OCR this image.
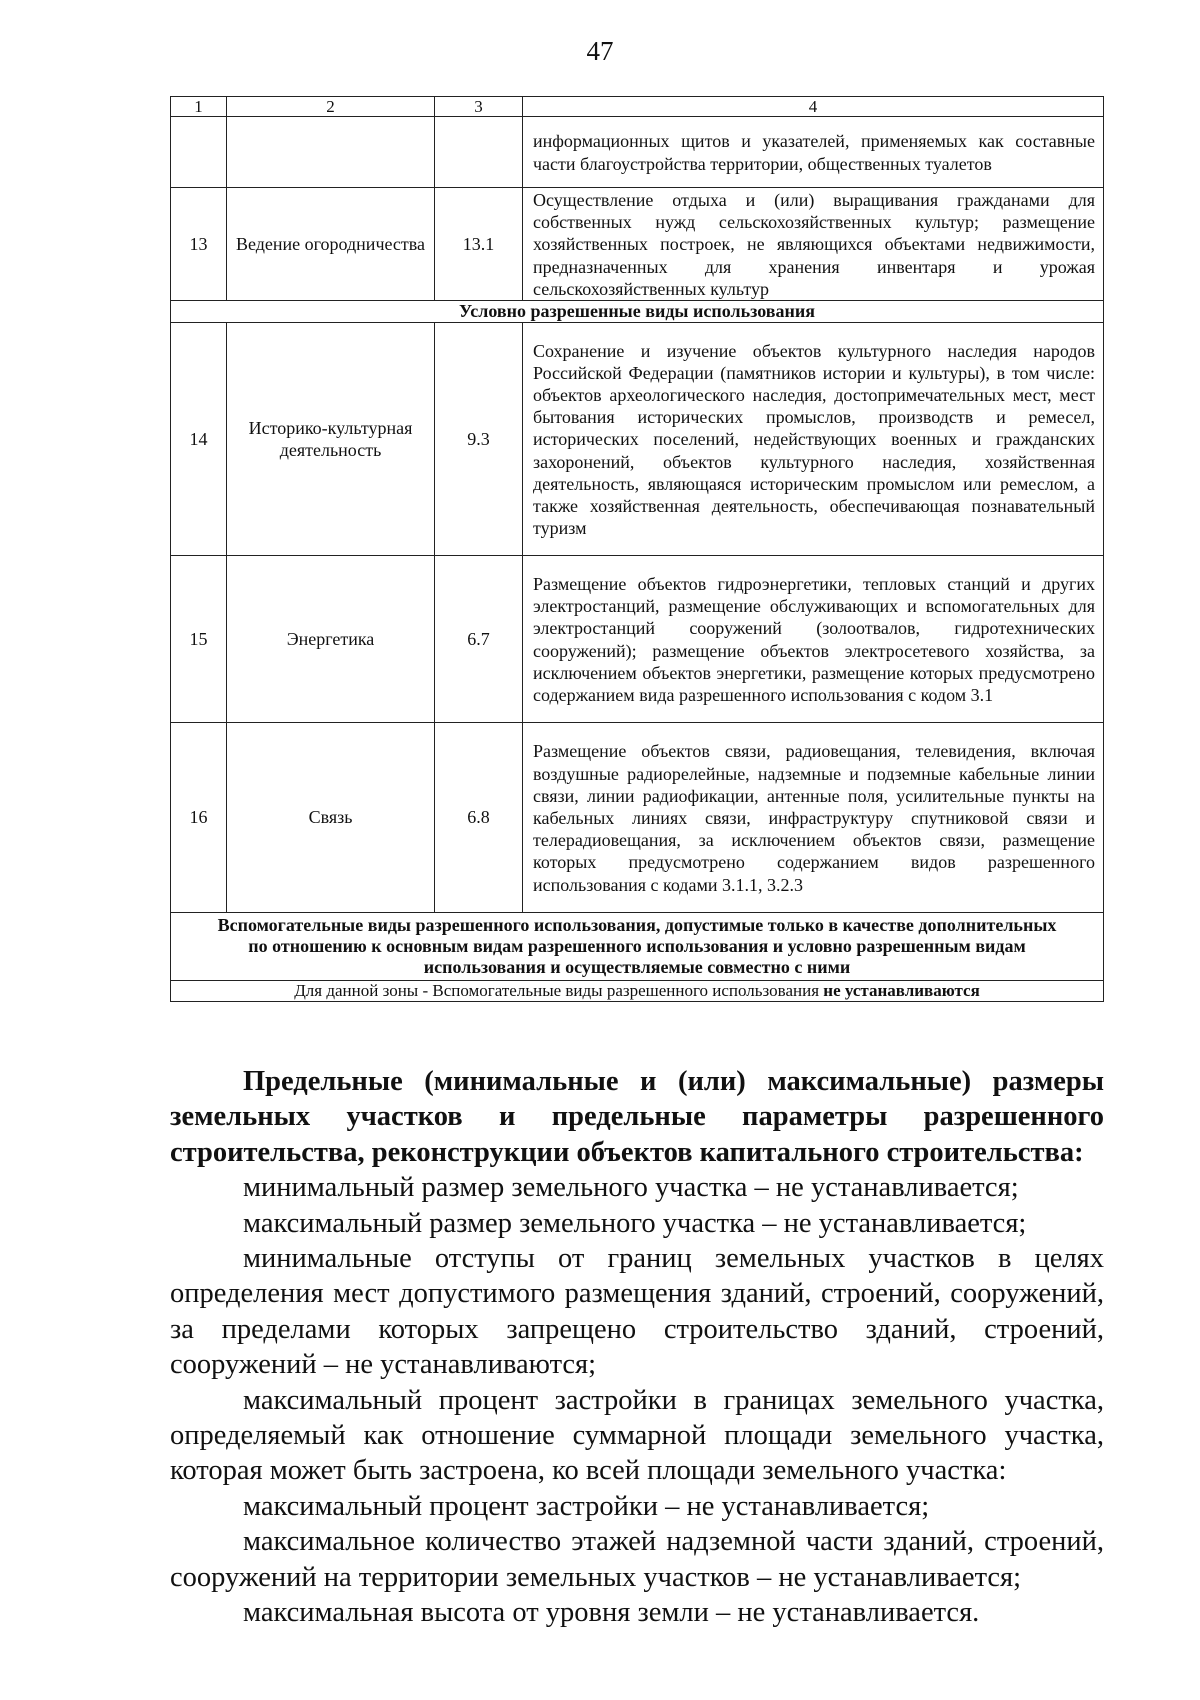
47
1	2	3	4
			информационных щитов и указателей, применяемых как составные части благоустройства территории, общественных туалетов
13	Ведение огородничества	13.1	Осуществление отдыха и (или) выращивания гражданами для собственных нужд сельскохозяйственных культур; размещение хозяйственных построек, не являющихся объектами недвижимости, предназначенных для хранения инвентаря и урожая сельскохозяйственных культур
Условно разрешенные виды использования			
14	Историко-культурная деятельность	9.3	Сохранение и изучение объектов культурного наследия народов Российской Федерации (памятников истории и культуры), в том числе: объектов археологического наследия, достопримечательных мест, мест бытования исторических промыслов, производств и ремесел, исторических поселений, недействующих военных и гражданских захоронений, объектов культурного наследия, хозяйственная деятельность, являющаяся историческим промыслом или ремеслом, а также хозяйственная деятельность, обеспечивающая познавательный туризм
15	Энергетика	6.7	Размещение объектов гидроэнергетики, тепловых станций и других электростанций, размещение обслуживающих и вспомогательных для электростанций сооружений (золоотвалов, гидротехнических сооружений); размещение объектов электросетевого хозяйства, за исключением объектов энергетики, размещение которых предусмотрено содержанием вида разрешенного использования с кодом 3.1
16	Связь	6.8	Размещение объектов связи, радиовещания, телевидения, включая воздушные радиорелейные, надземные и подземные кабельные линии связи, линии радиофикации, антенные поля, усилительные пункты на кабельных линиях связи, инфраструктуру спутниковой связи и телерадиовещания, за исключением объектов связи, размещение которых предусмотрено содержанием видов разрешенного использования с кодами 3.1.1, 3.2.3
Вспомогательные виды разрешенного использования, допустимые только в качестве дополнительных по отношению к основным видам разрешенного использования и условно разрешенным видам использования и осуществляемые совместно с ними			
Для данной зоны - Вспомогательные виды разрешенного использования не устанавливаются			

Предельные (минимальные и (или) максимальные) размеры земельных участков и предельные параметры разрешенного строительства, реконструкции объектов капитального строительства:

минимальный размер земельного участка – не устанавливается;

максимальный размер земельного участка – не устанавливается;

минимальные отступы от границ земельных участков в целях определения мест допустимого размещения зданий, строений, сооружений, за пределами которых запрещено строительство зданий, строений, сооружений – не устанавливаются;

максимальный процент застройки в границах земельного участка, определяемый как отношение суммарной площади земельного участка, которая может быть застроена, ко всей площади земельного участка:

максимальный процент застройки – не устанавливается;

максимальное количество этажей надземной части зданий, строений, сооружений на территории земельных участков – не устанавливается;

максимальная высота от уровня земли – не устанавливается.
